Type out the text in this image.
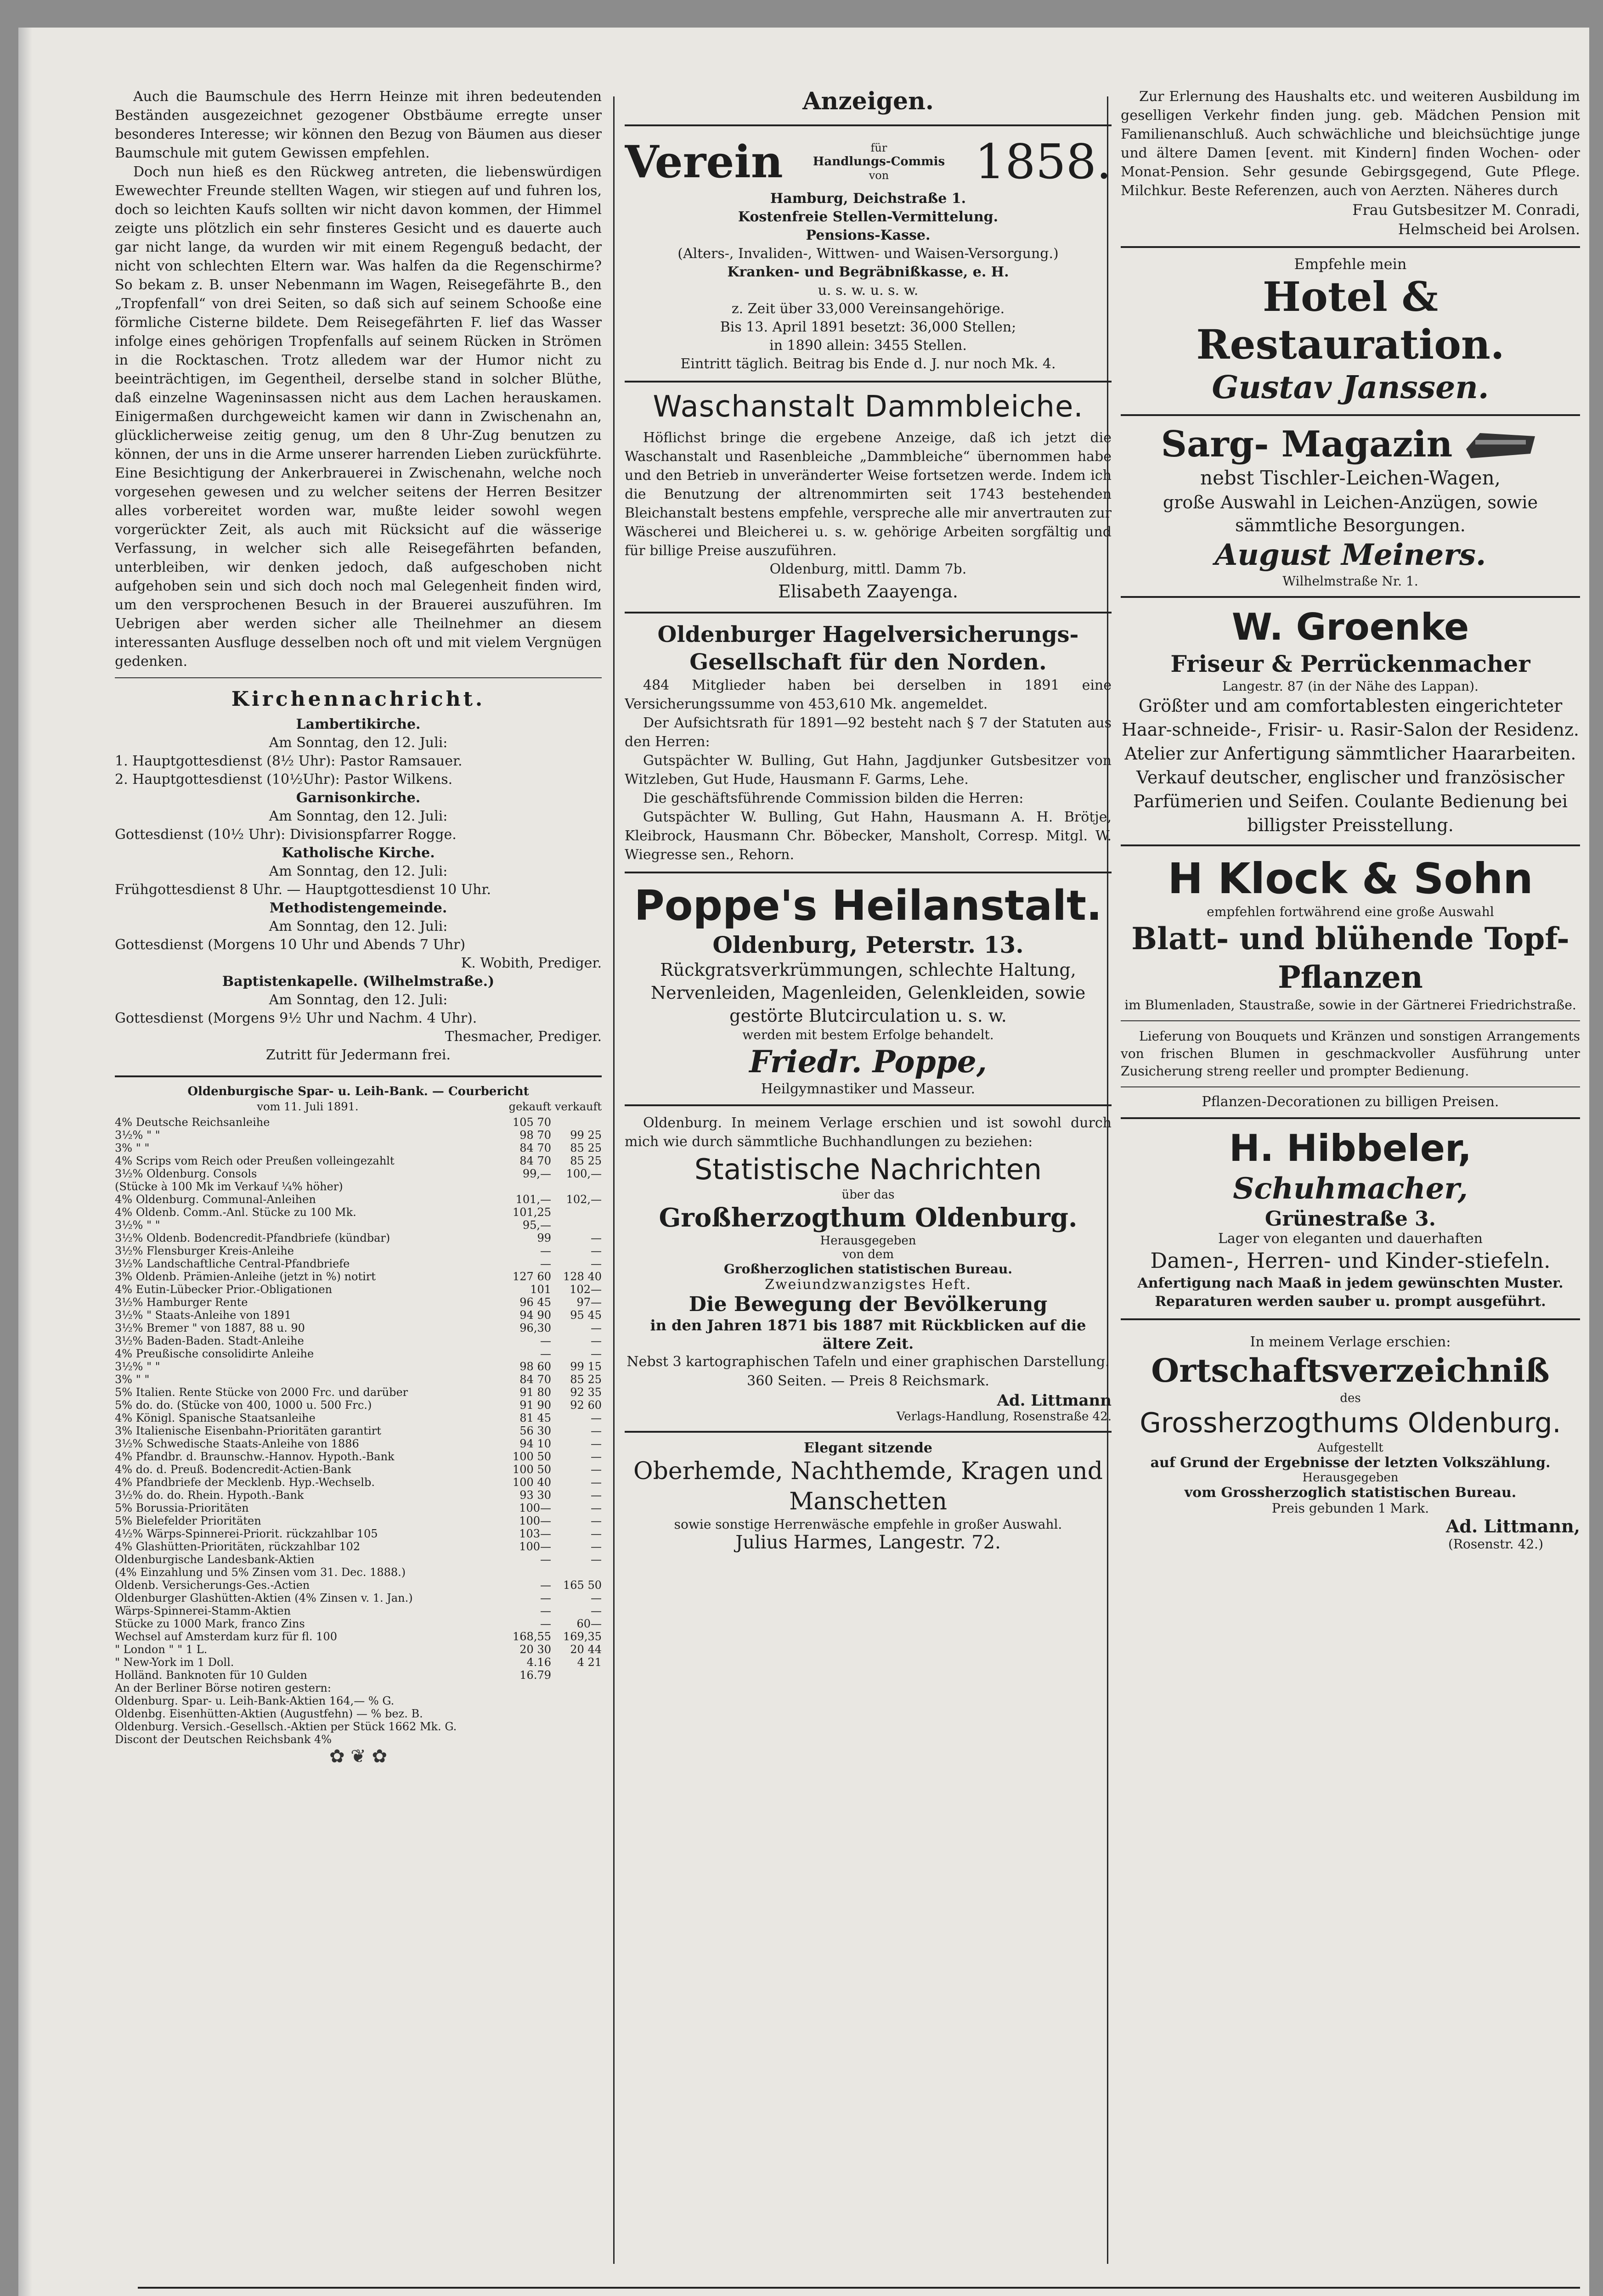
Auch die Baumschule des Herrn Heinze mit ihren bedeutenden Beständen ausgezeichnet gezogener Obstbäume erregte unser besonderes Interesse; wir können den Bezug von Bäumen aus dieser Baumschule mit gutem Gewissen empfehlen.

Doch nun hieß es den Rückweg antreten, die liebenswürdigen Ewewechter Freunde stellten Wagen, wir stiegen auf und fuhren los, doch so leichten Kaufs sollten wir nicht davon kommen, der Himmel zeigte uns plötzlich ein sehr finsteres Gesicht und es dauerte auch gar nicht lange, da wurden wir mit einem Regenguß bedacht, der nicht von schlechten Eltern war. Was halfen da die Regenschirme? So bekam z. B. unser Nebenmann im Wagen, Reisegefährte B., den „Tropfenfall“ von drei Seiten, so daß sich auf seinem Schooße eine förmliche Cisterne bildete. Dem Reisegefährten F. lief das Wasser infolge eines gehörigen Tropfenfalls auf seinem Rücken in Strömen in die Rocktaschen. Trotz alledem war der Humor nicht zu beeinträchtigen, im Gegentheil, derselbe stand in solcher Blüthe, daß einzelne Wageninsassen nicht aus dem Lachen herauskamen. Einigermaßen durchgeweicht kamen wir dann in Zwischenahn an, glücklicherweise zeitig genug, um den 8 Uhr-Zug benutzen zu können, der uns in die Arme unserer harrenden Lieben zurückführte. Eine Besichtigung der Ankerbrauerei in Zwischenahn, welche noch vorgesehen gewesen und zu welcher seitens der Herren Besitzer alles vorbereitet worden war, mußte leider sowohl wegen vorgerückter Zeit, als auch mit Rücksicht auf die wässerige Verfassung, in welcher sich alle Reisegefährten befanden, unterbleiben, wir denken jedoch, daß aufgeschoben nicht aufgehoben sein und sich doch noch mal Gelegenheit finden wird, um den versprochenen Besuch in der Brauerei auszuführen. Im Uebrigen aber werden sicher alle Theilnehmer an diesem interessanten Ausfluge desselben noch oft und mit vielem Vergnügen gedenken.

Kirchennachricht.
Lambertikirche.
Am Sonntag, den 12. Juli:
1. Hauptgottesdienst (8½ Uhr): Pastor Ramsauer.
2. Hauptgottesdienst (10½Uhr): Pastor Wilkens.
Garnisonkirche.
Am Sonntag, den 12. Juli:
Gottesdienst (10½ Uhr): Divisionspfarrer Rogge.
Katholische Kirche.
Am Sonntag, den 12. Juli:
Frühgottesdienst 8 Uhr. — Hauptgottesdienst 10 Uhr.
Methodistengemeinde.
Am Sonntag, den 12. Juli:
Gottesdienst (Morgens 10 Uhr und Abends 7 Uhr)
K. Wobith, Prediger.
Baptistenkapelle. (Wilhelmstraße.)
Am Sonntag, den 12. Juli:
Gottesdienst (Morgens 9½ Uhr und Nachm. 4 Uhr).
Thesmacher, Prediger.
Zutritt für Jedermann frei.
Oldenburgische Spar- u. Leih-Bank. — Courbericht
vom 11. Juli 1891.	gekauft verkauft
4% Deutsche Reichsanleihe	105 70
3½% " "	98 70	99 25
3% " "	84 70	85 25
4% Scrips vom Reich oder Preußen volleingezahlt	84 70	85 25
3½% Oldenburg. Consols	99,—	100,—
(Stücke à 100 Mk im Verkauf ¼% höher)
4% Oldenburg. Communal-Anleihen	101,—	102,—
4% Oldenb. Comm.-Anl. Stücke zu 100 Mk.	101,25
3½% " "	95,—
3½% Oldenb. Bodencredit-Pfandbriefe (kündbar)	99	—
3½% Flensburger Kreis-Anleihe	—	—
3½% Landschaftliche Central-Pfandbriefe	—	—
3% Oldenb. Prämien-Anleihe (jetzt in %) notirt	127 60	128 40
4% Eutin-Lübecker Prior.-Obligationen	101	102—
3½% Hamburger Rente	96 45	97—
3½% " Staats-Anleihe von 1891	94 90	95 45
3½% Bremer " von 1887, 88 u. 90	96,30	—
3½% Baden-Baden. Stadt-Anleihe	—	—
4% Preußische consolidirte Anleihe	—	—
3½% " "	98 60	99 15
3% " "	84 70	85 25
5% Italien. Rente Stücke von 2000 Frc. und darüber	91 80	92 35
5% do. do. (Stücke von 400, 1000 u. 500 Frc.)	91 90	92 60
4% Königl. Spanische Staatsanleihe	81 45	—
3% Italienische Eisenbahn-Prioritäten garantirt	56 30	—
3½% Schwedische Staats-Anleihe von 1886	94 10	—
4% Pfandbr. d. Braunschw.-Hannov. Hypoth.-Bank	100 50	—
4% do. d. Preuß. Bodencredit-Actien-Bank	100 50	—
4% Pfandbriefe der Mecklenb. Hyp.-Wechselb.	100 40	—
3½% do. do. Rhein. Hypoth.-Bank	93 30	—
5% Borussia-Prioritäten	100—	—
5% Bielefelder Prioritäten	100—	—
4½% Wärps-Spinnerei-Priorit. rückzahlbar 105	103—	—
4% Glashütten-Prioritäten, rückzahlbar 102	100—	—
Oldenburgische Landesbank-Aktien	—	—
(4% Einzahlung und 5% Zinsen vom 31. Dec. 1888.)
Oldenb. Versicherungs-Ges.-Actien	—	165 50
Oldenburger Glashütten-Aktien (4% Zinsen v. 1. Jan.)	—	—
Wärps-Spinnerei-Stamm-Aktien	—	—
Stücke zu 1000 Mark, franco Zins	—	60—
Wechsel auf Amsterdam kurz für fl. 100	168,55	169,35
" London " " 1 L.	20 30	20 44
" New-York im 1 Doll.	4.16	4 21
Holländ. Banknoten für 10 Gulden	16.79
An der Berliner Börse notiren gestern:
Oldenburg. Spar- u. Leih-Bank-Aktien 164,— % G.
Oldenbg. Eisenhütten-Aktien (Augustfehn) — % bez. B.
Oldenburg. Versich.-Gesellsch.-Aktien per Stück 1662 Mk. G.
Discont der Deutschen Reichsbank 4%
✿ ❦ ✿
Anzeigen.
Verein	für
Handlungs-Commis
von	1858.
Hamburg, Deichstraße 1.
Kostenfreie Stellen-Vermittelung.
Pensions-Kasse.
(Alters-, Invaliden-, Wittwen- und Waisen-Versorgung.)
Kranken- und Begräbnißkasse, e. H.
u. s. w. u. s. w.
z. Zeit über 33,000 Vereinsangehörige.
Bis 13. April 1891 besetzt: 36,000 Stellen;
in 1890 allein: 3455 Stellen.
Eintritt täglich. Beitrag bis Ende d. J. nur noch Mk. 4.
Waschanstalt Dammbleiche.

Höflichst bringe die ergebene Anzeige, daß ich jetzt die Waschanstalt und Rasenbleiche „Dammbleiche“ übernommen habe und den Betrieb in unveränderter Weise fortsetzen werde. Indem ich die Benutzung der altrenommirten seit 1743 bestehenden Bleichanstalt bestens empfehle, verspreche alle mir anvertrauten zur Wäscherei und Bleicherei u. s. w. gehörige Arbeiten sorgfältig und für billige Preise auszuführen.

Oldenburg, mittl. Damm 7b.
Elisabeth Zaayenga.
Oldenburger Hagelversicherungs-Gesellschaft für den Norden.

484 Mitglieder haben bei derselben in 1891 eine Versicherungssumme von 453,610 Mk. angemeldet.

Der Aufsichtsrath für 1891—92 besteht nach § 7 der Statuten aus den Herren:

Gutspächter W. Bulling, Gut Hahn, Jagdjunker Gutsbesitzer von Witzleben, Gut Hude, Hausmann F. Garms, Lehe.

Die geschäftsführende Commission bilden die Herren:

Gutspächter W. Bulling, Gut Hahn, Hausmann A. H. Brötje, Kleibrock, Hausmann Chr. Böbecker, Mansholt, Corresp. Mitgl. W. Wiegresse sen., Rehorn.

Poppe's Heilanstalt.
Oldenburg, Peterstr. 13.
Rückgratsverkrümmungen, schlechte Haltung, Nervenleiden, Magenleiden, Gelenkleiden, sowie gestörte Blutcirculation u. s. w.
werden mit bestem Erfolge behandelt.
Friedr. Poppe,
Heilgymnastiker und Masseur.

Oldenburg. In meinem Verlage erschien und ist sowohl durch mich wie durch sämmtliche Buchhandlungen zu beziehen:

Statistische Nachrichten
über das
Großherzogthum Oldenburg.
Herausgegeben
von dem
Großherzoglichen statistischen Bureau.
Zweiundzwanzigstes Heft.
Die Bewegung der Bevölkerung
in den Jahren 1871 bis 1887 mit Rückblicken auf die ältere Zeit.
Nebst 3 kartographischen Tafeln und einer graphischen Darstellung.
360 Seiten. — Preis 8 Reichsmark.
Ad. Littmann
Verlags-Handlung, Rosenstraße 42.
Elegant sitzende
Oberhemde, Nachthemde, Kragen und Manschetten
sowie sonstige Herrenwäsche empfehle in großer Auswahl.
Julius Harmes, Langestr. 72.

Zur Erlernung des Haushalts etc. und weiteren Ausbildung im geselligen Verkehr finden jung. geb. Mädchen Pension mit Familienanschluß. Auch schwächliche und bleichsüchtige junge und ältere Damen [event. mit Kindern] finden Wochen- oder Monat-Pension. Sehr gesunde Gebirgsgegend, Gute Pflege. Milchkur. Beste Referenzen, auch von Aerzten. Näheres durch

Frau Gutsbesitzer M. Conradi,
Helmscheid bei Arolsen.
Empfehle mein
Hotel & Restauration.
Gustav Janssen.
Sarg- Magazin
nebst Tischler-Leichen-Wagen,
große Auswahl in Leichen-Anzügen, sowie sämmtliche Besorgungen.
August Meiners.
Wilhelmstraße Nr. 1.
W. Groenke
Friseur & Perrückenmacher
Langestr. 87 (in der Nähe des Lappan).
Größter und am comfortablesten eingerichteter Haar-schneide-, Frisir- u. Rasir-Salon der Residenz. Atelier zur Anfertigung sämmtlicher Haararbeiten. Verkauf deutscher, englischer und französischer Parfümerien und Seifen. Coulante Bedienung bei billigster Preisstellung.
H Klock & Sohn
empfehlen fortwährend eine große Auswahl
Blatt- und blühende Topf-Pflanzen
im Blumenladen, Staustraße, sowie in der Gärtnerei Friedrichstraße.

Lieferung von Bouquets und Kränzen und sonstigen Arrangements von frischen Blumen in geschmackvoller Ausführung unter Zusicherung streng reeller und prompter Bedienung.

Pflanzen-Decorationen zu billigen Preisen.
H. Hibbeler,
Schuhmacher,
Grünestraße 3.
Lager von eleganten und dauerhaften
Damen-, Herren- und Kinder-stiefeln.
Anfertigung nach Maaß in jedem gewünschten Muster.
Reparaturen werden sauber u. prompt ausgeführt.
In meinem Verlage erschien:
Ortschaftsverzeichniß
des
Grossherzogthums Oldenburg.
Aufgestellt
auf Grund der Ergebnisse der letzten Volkszählung.
Herausgegeben
vom Grossherzoglich statistischen Bureau.
Preis gebunden 1 Mark.
Ad. Littmann,
(Rosenstr. 42.)
